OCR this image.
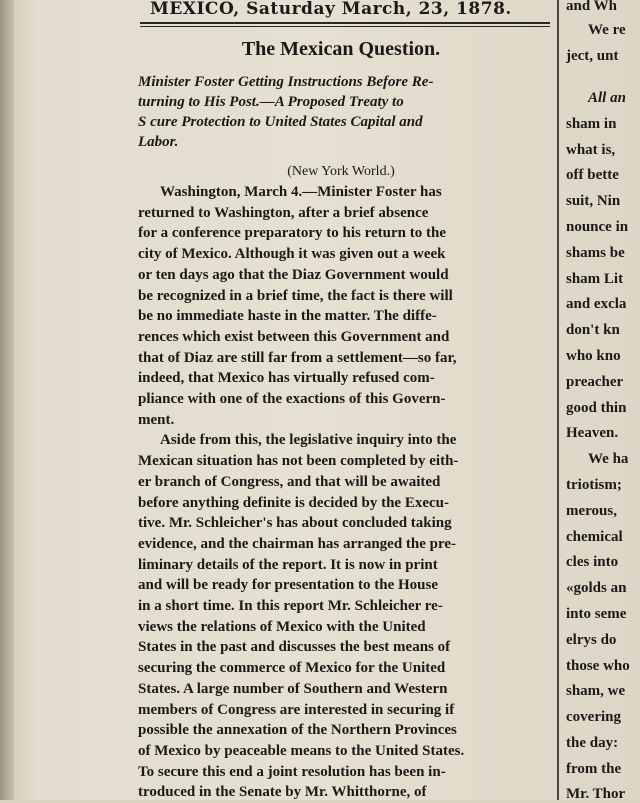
MEXICO, Saturday March, 23, 1878.
The Mexican Question.
Minister Foster Getting Instructions Before Re-
turning to His Post.—A Proposed Treaty to
S cure Protection to United States Capital and
Labor.
(New York World.)
Washington, March 4.—Minister Foster has
returned to Washington, after a brief absence
for a conference preparatory to his return to the
city of Mexico. Although it was given out a week
or ten days ago that the Diaz Government would
be recognized in a brief time, the fact is there will
be no immediate haste in the matter. The diffe-
rences which exist between this Government and
that of Diaz are still far from a settlement—so far,
indeed, that Mexico has virtually refused com-
pliance with one of the exactions of this Govern-
ment.
Aside from this, the legislative inquiry into the
Mexican situation has not been completed by eith-
er branch of Congress, and that will be awaited
before anything definite is decided by the Execu-
tive. Mr. Schleicher's has about concluded taking
evidence, and the chairman has arranged the pre-
liminary details of the report. It is now in print
and will be ready for presentation to the House
in a short time. In this report Mr. Schleicher re-
views the relations of Mexico with the United
States in the past and discusses the best means of
securing the commerce of Mexico for the United
States. A large number of Southern and Western
members of Congress are interested in securing if
possible the annexation of the Northern Provinces
of Mexico by peaceable means to the United States.
To secure this end a joint resolution has been in-
troduced in the Senate by Mr. Whitthorne, of
and Wh
We re
ject, unt
All an
sham in
what is,
off bette
suit, Nin
nounce in
shams be
sham Lit
and excla
don't kn
who kno
preacher
good thin
Heaven.
We ha
triotism;
merous,
chemical
cles into
«golds an
into seme
elrys do
those who
sham, we
covering
the day:
from the
Mr. Thor
